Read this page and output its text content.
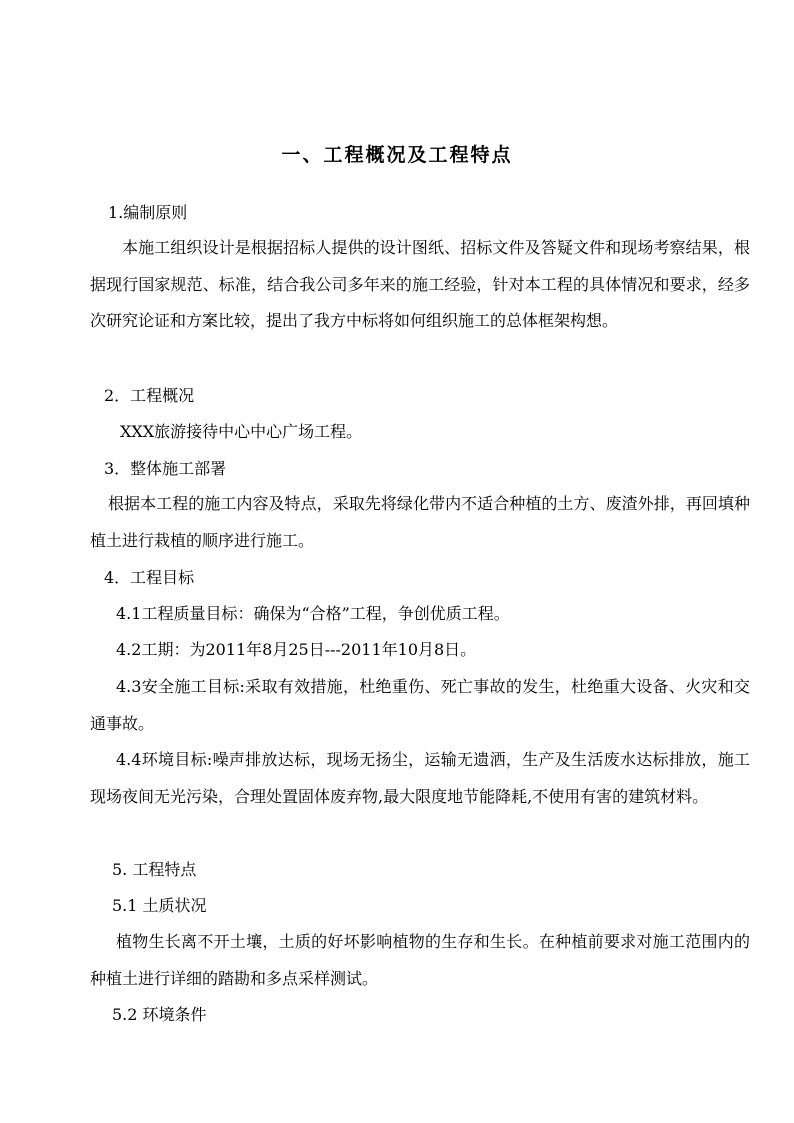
一、工程概况及工程特点
1.编制原则
本施工组织设计是根据招标人提供的设计图纸、招标文件及答疑文件和现场考察结果，根据现行国家规范、标准，结合我公司多年来的施工经验，针对本工程的具体情况和要求，经多次研究论证和方案比较，提出了我方中标将如何组织施工的总体框架构想。
2．工程概况
XXX旅游接待中心中心广场工程。
3．整体施工部署
根据本工程的施工内容及特点，采取先将绿化带内不适合种植的土方、废渣外排，再回填种植土进行栽植的顺序进行施工。
4．工程目标
4.1工程质量目标：确保为“合格”工程，争创优质工程。
4.2工期：为2011年8月25日---2011年10月8日。
4.3安全施工目标:采取有效措施，杜绝重伤、死亡事故的发生，杜绝重大设备、火灾和交通事故。
4.4环境目标:噪声排放达标，现场无扬尘，运输无遗洒，生产及生活废水达标排放，施工现场夜间无光污染，合理处置固体废弃物,最大限度地节能降耗,不使用有害的建筑材料。
5. 工程特点
5.1 土质状况
植物生长离不开土壤，土质的好坏影响植物的生存和生长。在种植前要求对施工范围内的种植土进行详细的踏勘和多点采样测试。
5.2 环境条件
